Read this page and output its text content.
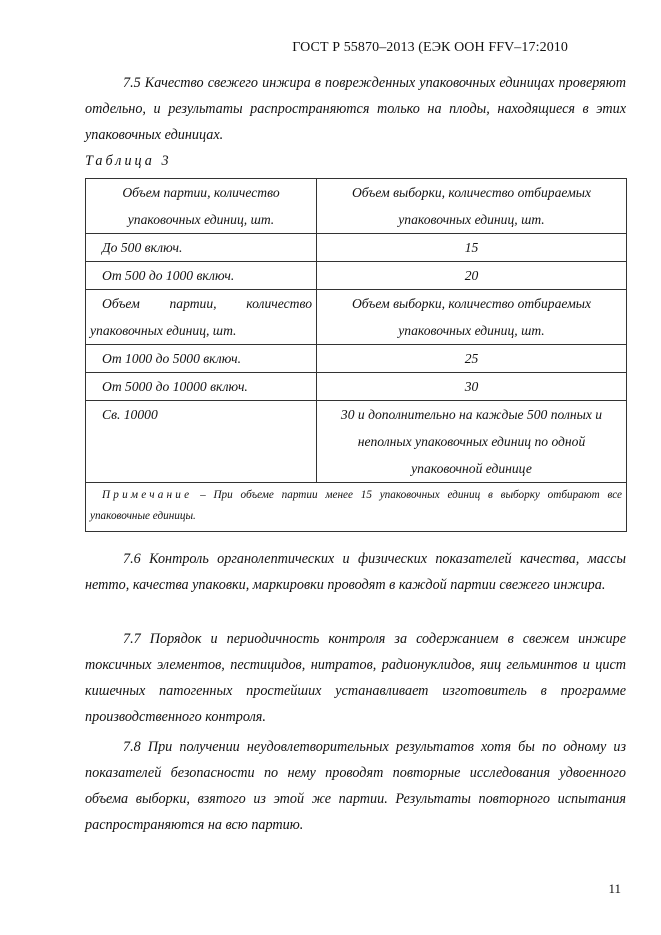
ГОСТ Р 55870–2013 (ЕЭК ООН FFV–17:2010

7.5 Качество свежего инжира в поврежденных упаковочных единицах проверяют отдельно, и результаты распространяются только на плоды, находящиеся в этих упаковочных единицах.

Таблица 3
Объем партии, количество упаковочных единиц, шт.	Объем выборки, количество отбираемых упаковочных единиц, шт.
До 500 включ.	15
От 500 до 1000 включ.	20
Объем партии, количество упаковочных единиц, шт.	Объем выборки, количество отбираемых упаковочных единиц, шт.
От 1000 до 5000 включ.	25
От 5000 до 10000 включ.	30
Св. 10000	30 и дополнительно на каждые 500 полных и неполных упаковочных единиц по одной упаковочной единице
Примечание – При объеме партии менее 15 упаковочных единиц в выборку отбирают все упаковочные единицы.	

7.6 Контроль органолептических и физических показателей качества, массы нетто, качества упаковки, маркировки проводят в каждой партии свежего инжира.

7.7 Порядок и периодичность контроля за содержанием в свежем инжире токсичных элементов, пестицидов, нитратов, радионуклидов, яиц гельминтов и цист кишечных патогенных простейших устанавливает изготовитель в программе производственного контроля.

7.8 При получении неудовлетворительных результатов хотя бы по одному из показателей безопасности по нему проводят повторные исследования удвоенного объема выборки, взятого из этой же партии. Результаты повторного испытания распространяются на всю партию.

11
